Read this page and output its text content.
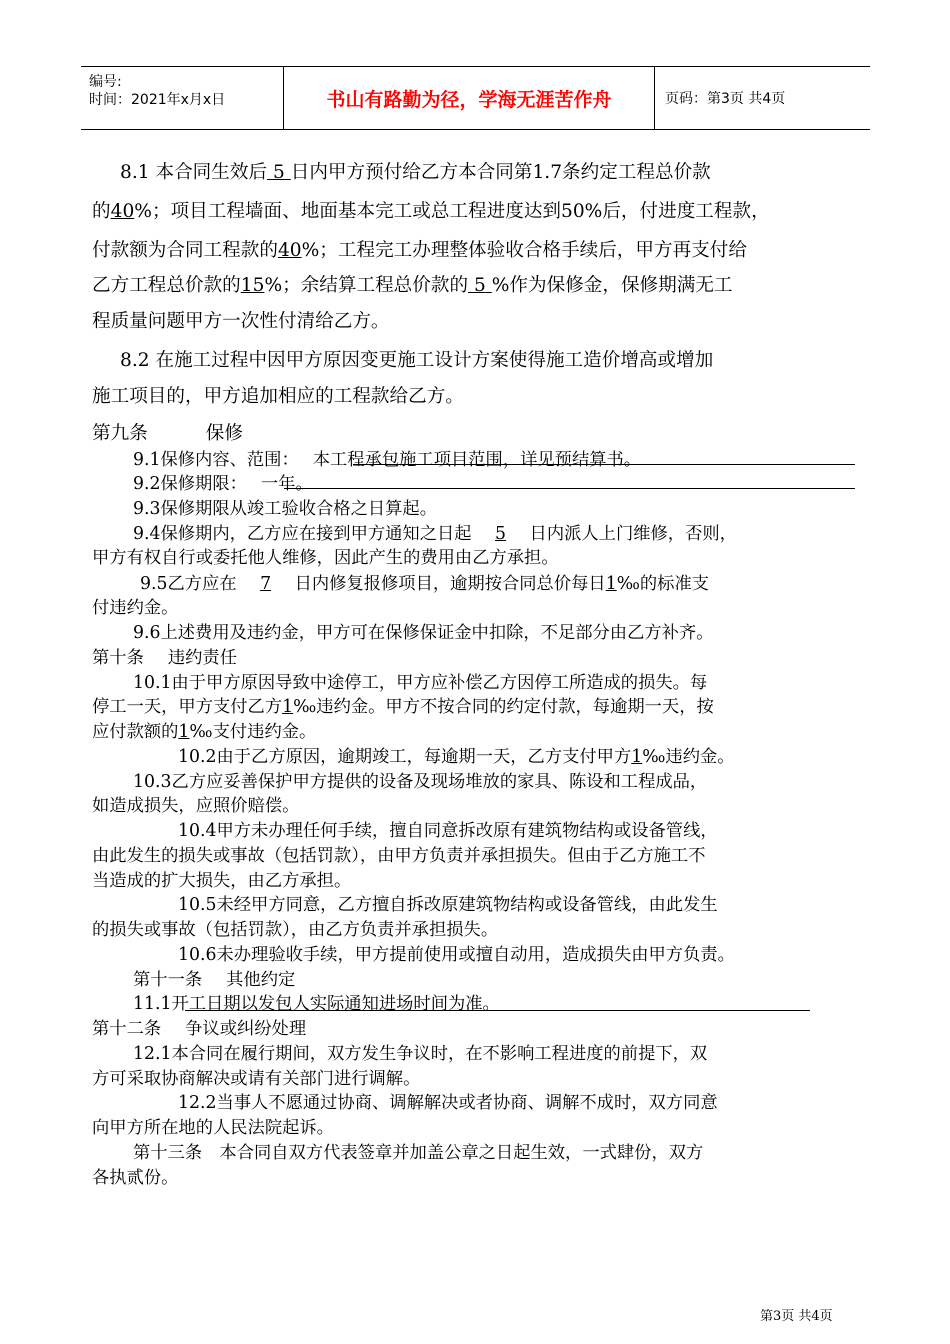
编号:
时间：2021年x月x日	书山有路勤为径，学海无涯苦作舟	页码：第3页 共4页
8.1 本合同生效后 5 日内甲方预付给乙方本合同第1.7条约定工程总价款
的40%；项目工程墙面、地面基本完工或总工程进度达到50%后，付进度工程款，
付款额为合同工程款的40%；工程完工办理整体验收合格手续后，甲方再支付给
乙方工程总价款的15%；余结算工程总价款的 5 %作为保修金，保修期满无工
程质量问题甲方一次性付清给乙方。
8.2 在施工过程中因甲方原因变更施工设计方案使得施工造价增高或增加
施工项目的，甲方追加相应的工程款给乙方。
第九条	保修
9.1保修内容、范围： 本工程承包施工项目范围，详见预结算书。
9.2保修期限： 一年。
9.3保修期限从竣工验收合格之日算起。
9.4保修期内，乙方应在接到甲方通知之日起 5 日内派人上门维修，否则，
甲方有权自行或委托他人维修，因此产生的费用由乙方承担。
9.5乙方应在 7 日内修复报修项目，逾期按合同总价每日1‰的标准支
付违约金。
9.6上述费用及违约金，甲方可在保修保证金中扣除，不足部分由乙方补齐。
第十条 违约责任
10.1由于甲方原因导致中途停工，甲方应补偿乙方因停工所造成的损失。每
停工一天，甲方支付乙方1‰违约金。甲方不按合同的约定付款，每逾期一天，按
应付款额的1‰支付违约金。
10.2由于乙方原因，逾期竣工，每逾期一天，乙方支付甲方1‰违约金。
10.3乙方应妥善保护甲方提供的设备及现场堆放的家具、陈设和工程成品，
如造成损失，应照价赔偿。
10.4甲方未办理任何手续，擅自同意拆改原有建筑物结构或设备管线，
由此发生的损失或事故（包括罚款），由甲方负责并承担损失。但由于乙方施工不
当造成的扩大损失，由乙方承担。
10.5未经甲方同意，乙方擅自拆改原建筑物结构或设备管线，由此发生
的损失或事故（包括罚款），由乙方负责并承担损失。
10.6未办理验收手续，甲方提前使用或擅自动用，造成损失由甲方负责。
第十一条 其他约定
11.1开工日期以发包人实际通知进场时间为准。
第十二条 争议或纠纷处理
12.1本合同在履行期间，双方发生争议时，在不影响工程进度的前提下，双
方可采取协商解决或请有关部门进行调解。
12.2当事人不愿通过协商、调解解决或者协商、调解不成时，双方同意
向甲方所在地的人民法院起诉。
第十三条　本合同自双方代表签章并加盖公章之日起生效，一式肆份，双方
各执贰份。
第3页 共4页
